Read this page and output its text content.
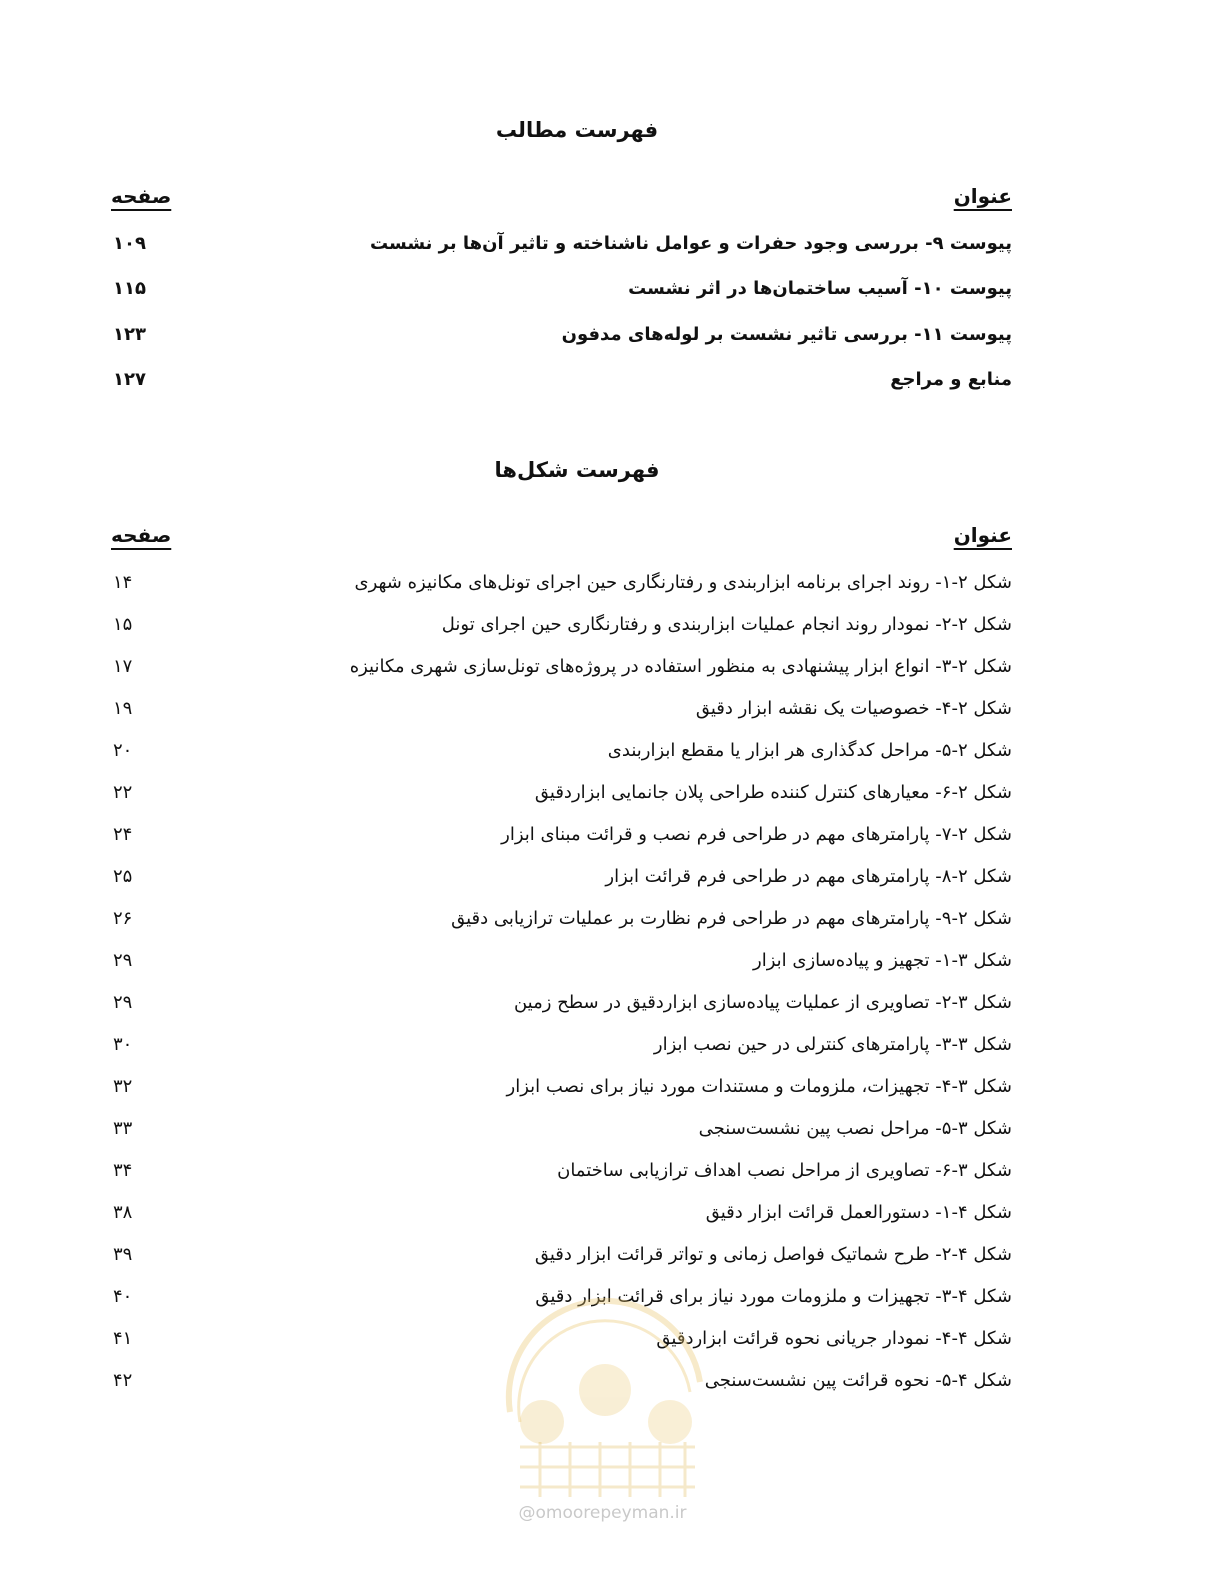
فهرست مطالب
عنوان
صفحه
پیوست ۹- بررسی وجود حفرات و عوامل ناشناخته و تاثیر آن‌ها بر نشست
۱۰۹
پیوست ۱۰- آسیب ساختمان‌ها در اثر نشست
۱۱۵
پیوست ۱۱- بررسی تاثیر نشست بر لوله‌های مدفون
۱۲۳
منابع و مراجع
۱۲۷
فهرست شکل‌ها
عنوان
صفحه
شکل ۲-۱- روند اجرای برنامه ابزاربندی و رفتارنگاری حین اجرای تونل‌های مکانیزه شهری
۱۴
شکل ۲-۲- نمودار روند انجام عملیات ابزاربندی و رفتارنگاری حین اجرای تونل
۱۵
شکل ۲-۳- انواع ابزار پیشنهادی به منظور استفاده در پروژه‌های تونل‌سازی شهری مکانیزه
۱۷
شکل ۲-۴- خصوصیات یک نقشه ابزار دقیق
۱۹
شکل ۲-۵- مراحل کدگذاری هر ابزار یا مقطع ابزاربندی
۲۰
شکل ۲-۶- معیارهای کنترل کننده طراحی پلان جانمایی ابزاردقیق
۲۲
شکل ۲-۷- پارامترهای مهم در طراحی فرم نصب و قرائت مبنای ابزار
۲۴
شکل ۲-۸- پارامترهای مهم در طراحی فرم قرائت ابزار
۲۵
شکل ۲-۹- پارامترهای مهم در طراحی فرم نظارت بر عملیات ترازیابی دقیق
۲۶
شکل ۳-۱- تجهیز و پیاده‌سازی ابزار
۲۹
شکل ۳-۲- تصاویری از عملیات پیاده‌سازی ابزاردقیق در سطح زمین
۲۹
شکل ۳-۳- پارامترهای کنترلی در حین نصب ابزار
۳۰
شکل ۳-۴- تجهیزات، ملزومات و مستندات مورد نیاز برای نصب ابزار
۳۲
شکل ۳-۵- مراحل نصب پین نشست‌سنجی
۳۳
شکل ۳-۶- تصاویری از مراحل نصب اهداف ترازیابی ساختمان
۳۴
شکل ۴-۱- دستورالعمل قرائت ابزار دقیق
۳۸
شکل ۴-۲- طرح شماتیک فواصل زمانی و تواتر قرائت ابزار دقیق
۳۹
شکل ۴-۳- تجهیزات و ملزومات مورد نیاز برای قرائت ابزار دقیق
۴۰
شکل ۴-۴- نمودار جریانی نحوه قرائت ابزاردقیق
۴۱
شکل ۴-۵- نحوه قرائت پین نشست‌سنجی
۴۲
@omoorepeyman.ir
